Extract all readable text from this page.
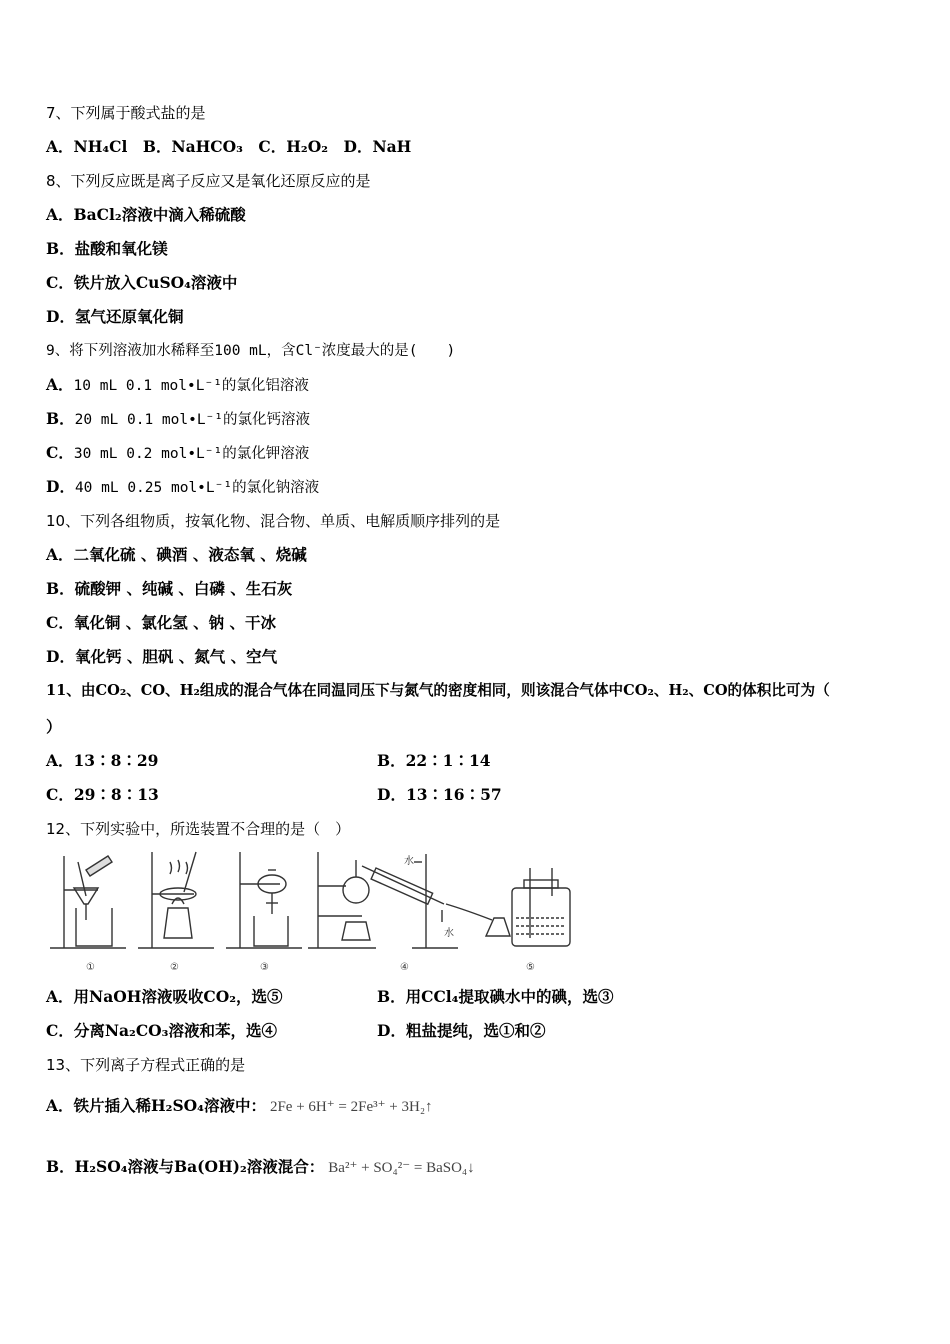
7、下列属于酸式盐的是
A．NH₄Cl　B．NaHCO₃　C．H₂O₂　D．NaH
8、下列反应既是离子反应又是氧化还原反应的是
A．BaCl₂溶液中滴入稀硫酸
B．盐酸和氧化镁
C．铁片放入CuSO₄溶液中
D．氢气还原氧化铜
9、将下列溶液加水稀释至100 mL，含Cl⁻浓度最大的是(　　)
A．10 mL 0.1 mol•L⁻¹的氯化铝溶液
B．20 mL 0.1 mol•L⁻¹的氯化钙溶液
C．30 mL 0.2 mol•L⁻¹的氯化钾溶液
D．40 mL 0.25 mol•L⁻¹的氯化钠溶液
10、下列各组物质，按氧化物、混合物、单质、电解质顺序排列的是
A．二氧化硫 、碘酒 、液态氧 、烧碱
B．硫酸钾 、纯碱 、白磷 、生石灰
C．氧化铜 、氯化氢 、钠 、干冰
D．氧化钙 、胆矾 、氮气 、空气
11、由CO₂、CO、H₂组成的混合气体在同温同压下与氮气的密度相同，则该混合气体中CO₂、H₂、CO的体积比可为（
）
A．13∶8∶29	B．22∶1∶14
C．29∶8∶13	D．13∶16∶57
12、下列实验中，所选装置不合理的是（　）
①	②	③	④	⑤
水
水
A．用NaOH溶液吸收CO₂，选⑤	B．用CCl₄提取碘水中的碘，选③
C．分离Na₂CO₃溶液和苯，选④	D．粗盐提纯，选①和②
13、下列离子方程式正确的是
A．铁片插入稀H₂SO₄溶液中： 2Fe + 6H⁺ = 2Fe³⁺ + 3H₂↑
B．H₂SO₄溶液与Ba(OH)₂溶液混合： Ba²⁺ + SO₄²⁻ = BaSO₄↓
